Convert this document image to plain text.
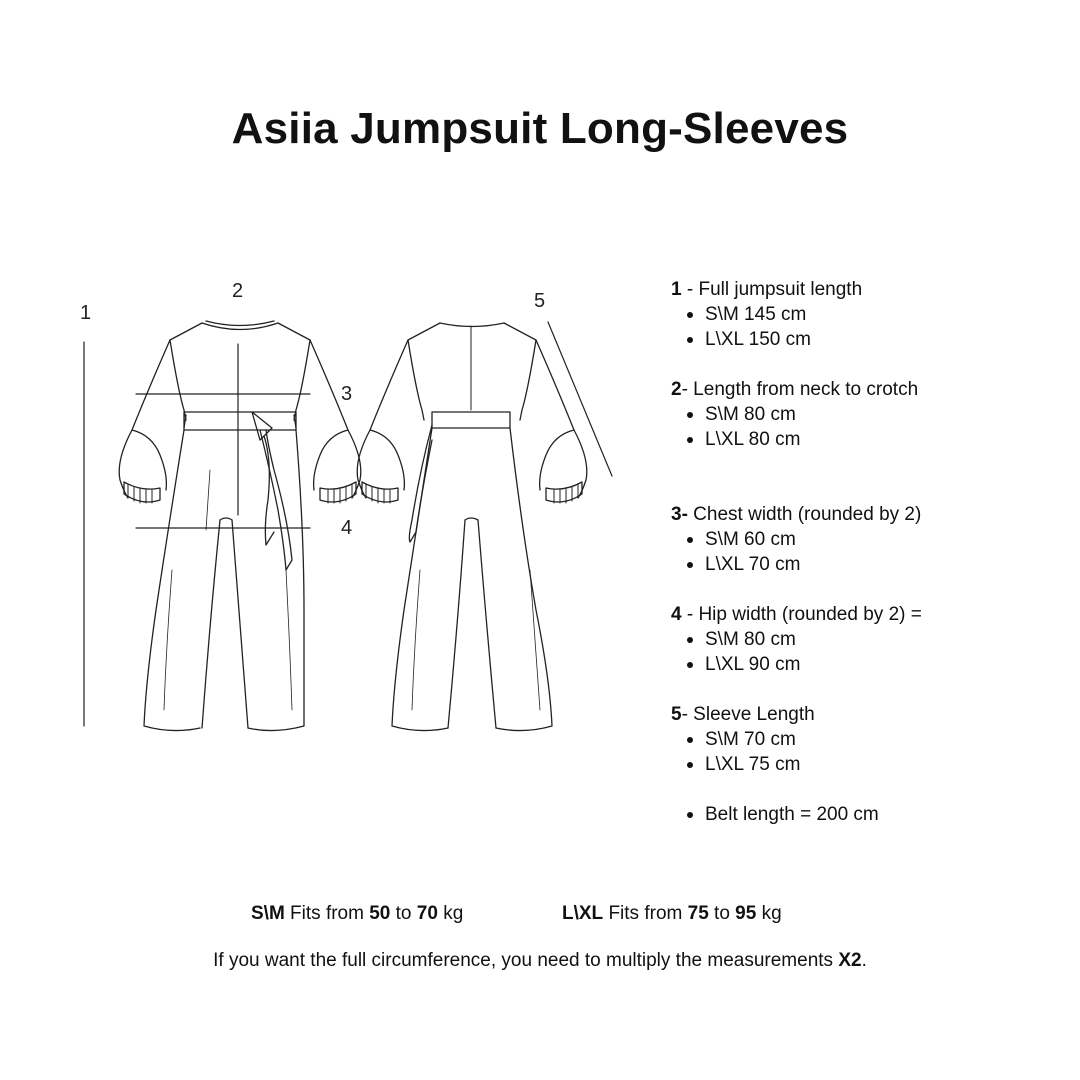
Asiia Jumpsuit Long-Sleeves
1
2
3
4
5
1 - Full jumpsuit length
S\M 145 cm
L\XL 150 cm
2- Length from neck to crotch
S\M 80 cm
L\XL 80 cm
3- Chest width (rounded by 2)
S\M 60 cm
L\XL 70 cm
4 - Hip width (rounded by 2) =
S\M 80 cm
L\XL 90 cm
5- Sleeve Length
S\M 70 cm
L\XL 75 cm
Belt length = 200 cm
S\M Fits from 50 to 70 kg	L\XL Fits from 75 to 95 kg
If you want the full circumference, you need to multiply the measurements X2.
